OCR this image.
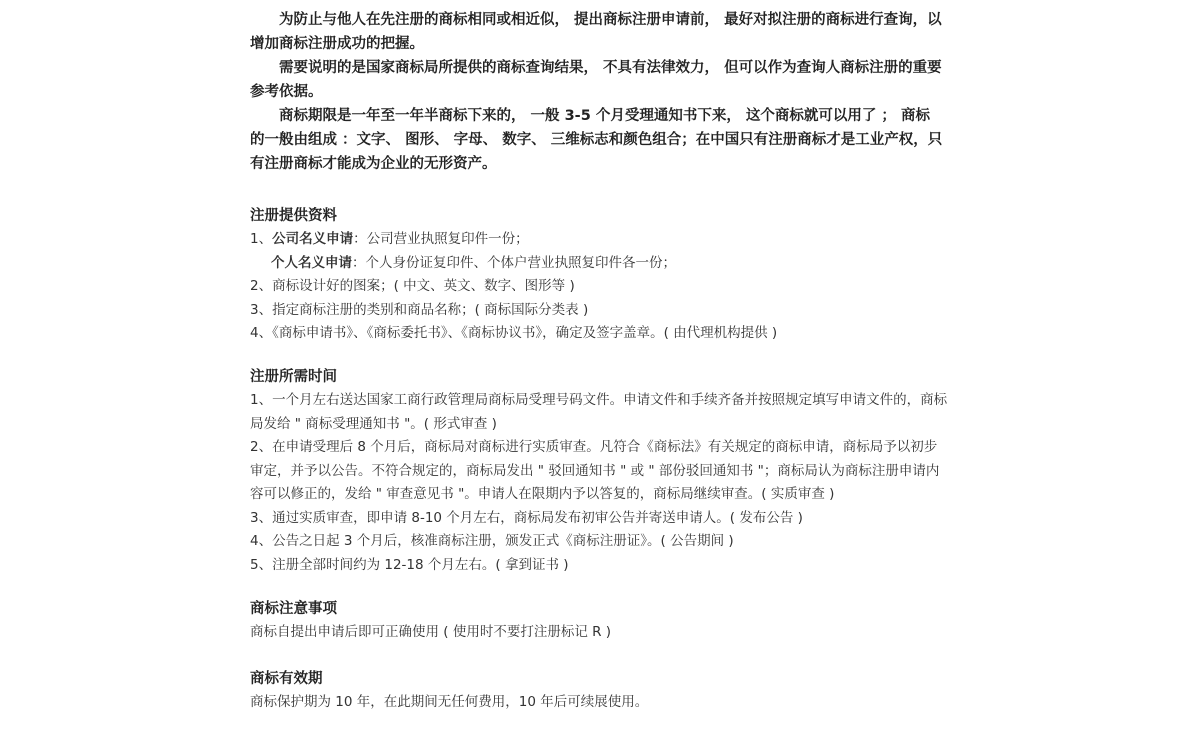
为防止与他人在先注册的商标相同或相近似， 提出商标注册申请前， 最好对拟注册的商标进行查询，以增加商标注册成功的把握。

需要说明的是国家商标局所提供的商标查询结果， 不具有法律效力， 但可以作为查询人商标注册的重要参考依据。

商标期限是一年至一年半商标下来的， 一般 3-5 个月受理通知书下来， 这个商标就可以用了 ； 商标的一般由组成 ：文字、 图形、 字母、 数字、 三维标志和颜色组合；在中国只有注册商标才是工业产权，只有注册商标才能成为企业的无形资产。

注册提供资料
1、公司名义申请：公司营业执照复印件一份；
个人名义申请：个人身份证复印件、个体户营业执照复印件各一份；
2、商标设计好的图案；( 中文、英文、数字、图形等 )
3、指定商标注册的类别和商品名称；( 商标国际分类表 )
4、《商标申请书》、《商标委托书》、《商标协议书》，确定及签字盖章。( 由代理机构提供 )
注册所需时间
1、一个月左右送达国家工商行政管理局商标局受理号码文件。申请文件和手续齐备并按照规定填写申请文件的，商标局发给 " 商标受理通知书 "。( 形式审查 )
2、在申请受理后 8 个月后，商标局对商标进行实质审查。凡符合《商标法》有关规定的商标申请，商标局予以初步审定，并予以公告。不符合规定的，商标局发出 " 驳回通知书 " 或 " 部份驳回通知书 "；商标局认为商标注册申请内容可以修正的，发给 " 审查意见书 "。申请人在限期内予以答复的，商标局继续审查。( 实质审查 )
3、通过实质审查，即申请 8-10 个月左右，商标局发布初审公告并寄送申请人。( 发布公告 )
4、公告之日起 3 个月后，核准商标注册，颁发正式《商标注册证》。( 公告期间 )
5、注册全部时间约为 12-18 个月左右。( 拿到证书 )
商标注意事项
商标自提出申请后即可正确使用 ( 使用时不要打注册标记 R )
商标有效期
商标保护期为 10 年，在此期间无任何费用，10 年后可续展使用。
